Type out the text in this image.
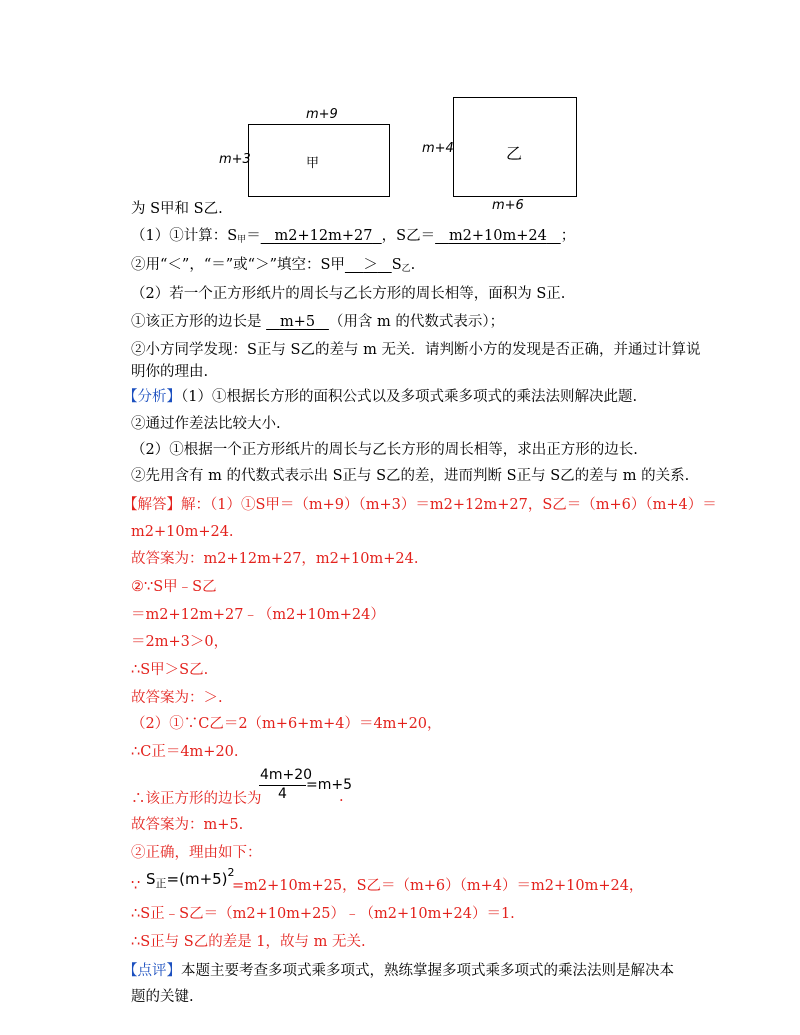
m+9
m+3	甲
m+4	乙
m+6
为 S甲和 S乙.
（1）①计算：$S_甲= m2+12m+27$ ，S乙＝ m2+10m+24 ；
②用“＜”，“＝”或“＞”填空：S甲 ＞ $S_乙$.
（2）若一个正方形纸片的周长与乙长方形的周长相等，面积为 S正.
①该正方形的边长是 m+5 （用含 m 的代数式表示）；
②小方同学发现：S正与 S乙的差与 m 无关．请判断小方的发现是否正确，并通过计算说
明你的理由.
【分析】（1）①根据长方形的面积公式以及多项式乘多项式的乘法法则解决此题.
②通过作差法比较大小.
（2）①根据一个正方形纸片的周长与乙长方形的周长相等，求出正方形的边长.
②先用含有 m 的代数式表示出 S正与 S乙的差，进而判断 S正与 S乙的差与 m 的关系.
【解答】解：（1）①S甲＝（m+9）（m+3）＝m2+12m+27，S乙＝（m+6）（m+4）＝
m2+10m+24.
故答案为：m2+12m+27，m2+10m+24.
②∵S甲﹣S乙
＝m2+12m+27﹣（m2+10m+24）
＝2m+3＞0，
∴S甲＞S乙.
故答案为：＞.
（2）①∵C乙＝2（m+6+m+4）＝4m+20，
∴C正＝4m+20.
∴该正方形的边长为
4m+20
4
=m+5
.
故答案为：m+5.
②正确，理由如下：
∵ $S_正=(m+5)^2$
=m2+10m+25，S乙＝（m+6）（m+4）＝m2+10m+24，
∴S正﹣S乙＝（m2+10m+25）﹣（m2+10m+24）＝1.
∴S正与 S乙的差是 1，故与 m 无关.
【点评】本题主要考查多项式乘多项式，熟练掌握多项式乘多项式的乘法法则是解决本
题的关键.
